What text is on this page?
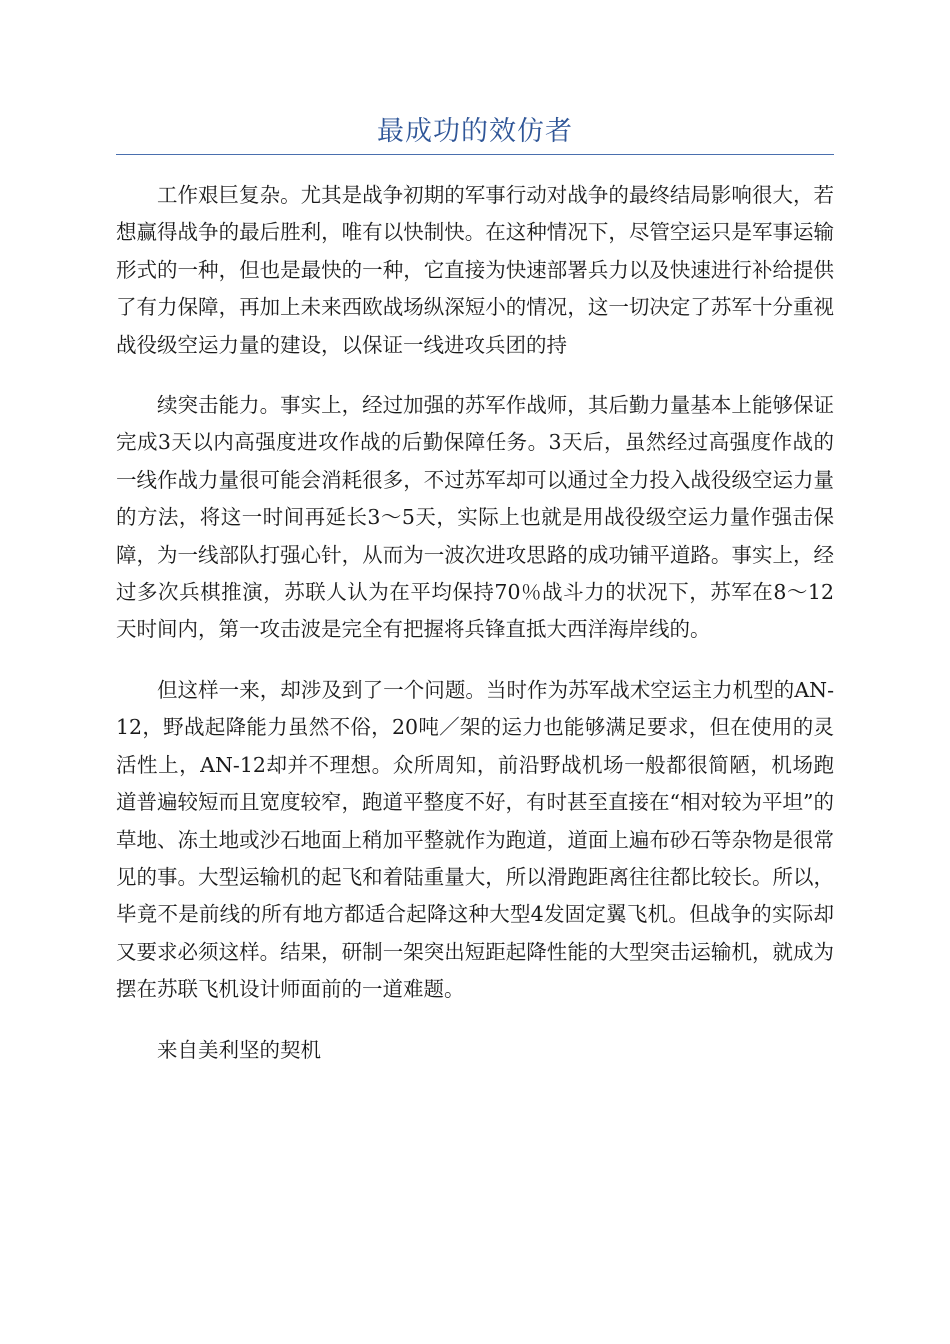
最成功的效仿者

工作艰巨复杂。尤其是战争初期的军事行动对战争的最终结局影响很大，若想赢得战争的最后胜利，唯有以快制快。在这种情况下，尽管空运只是军事运输形式的一种，但也是最快的一种，它直接为快速部署兵力以及快速进行补给提供了有力保障，再加上未来西欧战场纵深短小的情况，这一切决定了苏军十分重视战役级空运力量的建设，以保证一线进攻兵团的持

续突击能力。事实上，经过加强的苏军作战师，其后勤力量基本上能够保证完成3天以内高强度进攻作战的后勤保障任务。3天后，虽然经过高强度作战的一线作战力量很可能会消耗很多，不过苏军却可以通过全力投入战役级空运力量的方法，将这一时间再延长3～5天，实际上也就是用战役级空运力量作强击保障，为一线部队打强心针，从而为一波次进攻思路的成功铺平道路。事实上，经过多次兵棋推演，苏联人认为在平均保持70％战斗力的状况下，苏军在8～12天时间内，第一攻击波是完全有把握将兵锋直抵大西洋海岸线的。

但这样一来，却涉及到了一个问题。当时作为苏军战术空运主力机型的AN-12，野战起降能力虽然不俗，20吨／架的运力也能够满足要求，但在使用的灵活性上，AN-12却并不理想。众所周知，前沿野战机场一般都很简陋，机场跑道普遍较短而且宽度较窄，跑道平整度不好，有时甚至直接在“相对较为平坦”的草地、冻土地或沙石地面上稍加平整就作为跑道，道面上遍布砂石等杂物是很常见的事。大型运输机的起飞和着陆重量大，所以滑跑距离往往都比较长。所以，毕竟不是前线的所有地方都适合起降这种大型4发固定翼飞机。但战争的实际却又要求必须这样。结果，研制一架突出短距起降性能的大型突击运输机，就成为摆在苏联飞机设计师面前的一道难题。

来自美利坚的契机
